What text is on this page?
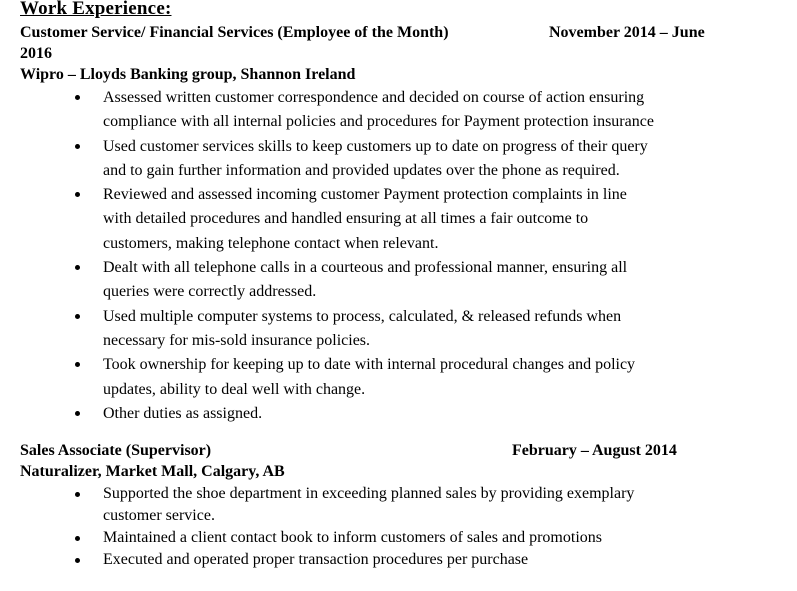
Work Experience:
Customer Service/ Financial Services (Employee of the Month)	November 2014 – June
2016
Wipro – Lloyds Banking group, Shannon Ireland
Assessed written customer correspondence and decided on course of action ensuring
compliance with all internal policies and procedures for Payment protection insurance
Used customer services skills to keep customers up to date on progress of their query
and to gain further information and provided updates over the phone as required.
Reviewed and assessed incoming customer Payment protection complaints in line
with detailed procedures and handled ensuring at all times a fair outcome to
customers, making telephone contact when relevant.
Dealt with all telephone calls in a courteous and professional manner, ensuring all
queries were correctly addressed.
Used multiple computer systems to process, calculated, & released refunds when
necessary for mis-sold insurance policies.
Took ownership for keeping up to date with internal procedural changes and policy
updates, ability to deal well with change.
Other duties as assigned.
Sales Associate (Supervisor)	February – August 2014
Naturalizer, Market Mall, Calgary, AB
Supported the shoe department in exceeding planned sales by providing exemplary
customer service.
Maintained a client contact book to inform customers of sales and promotions
Executed and operated proper transaction procedures per purchase
